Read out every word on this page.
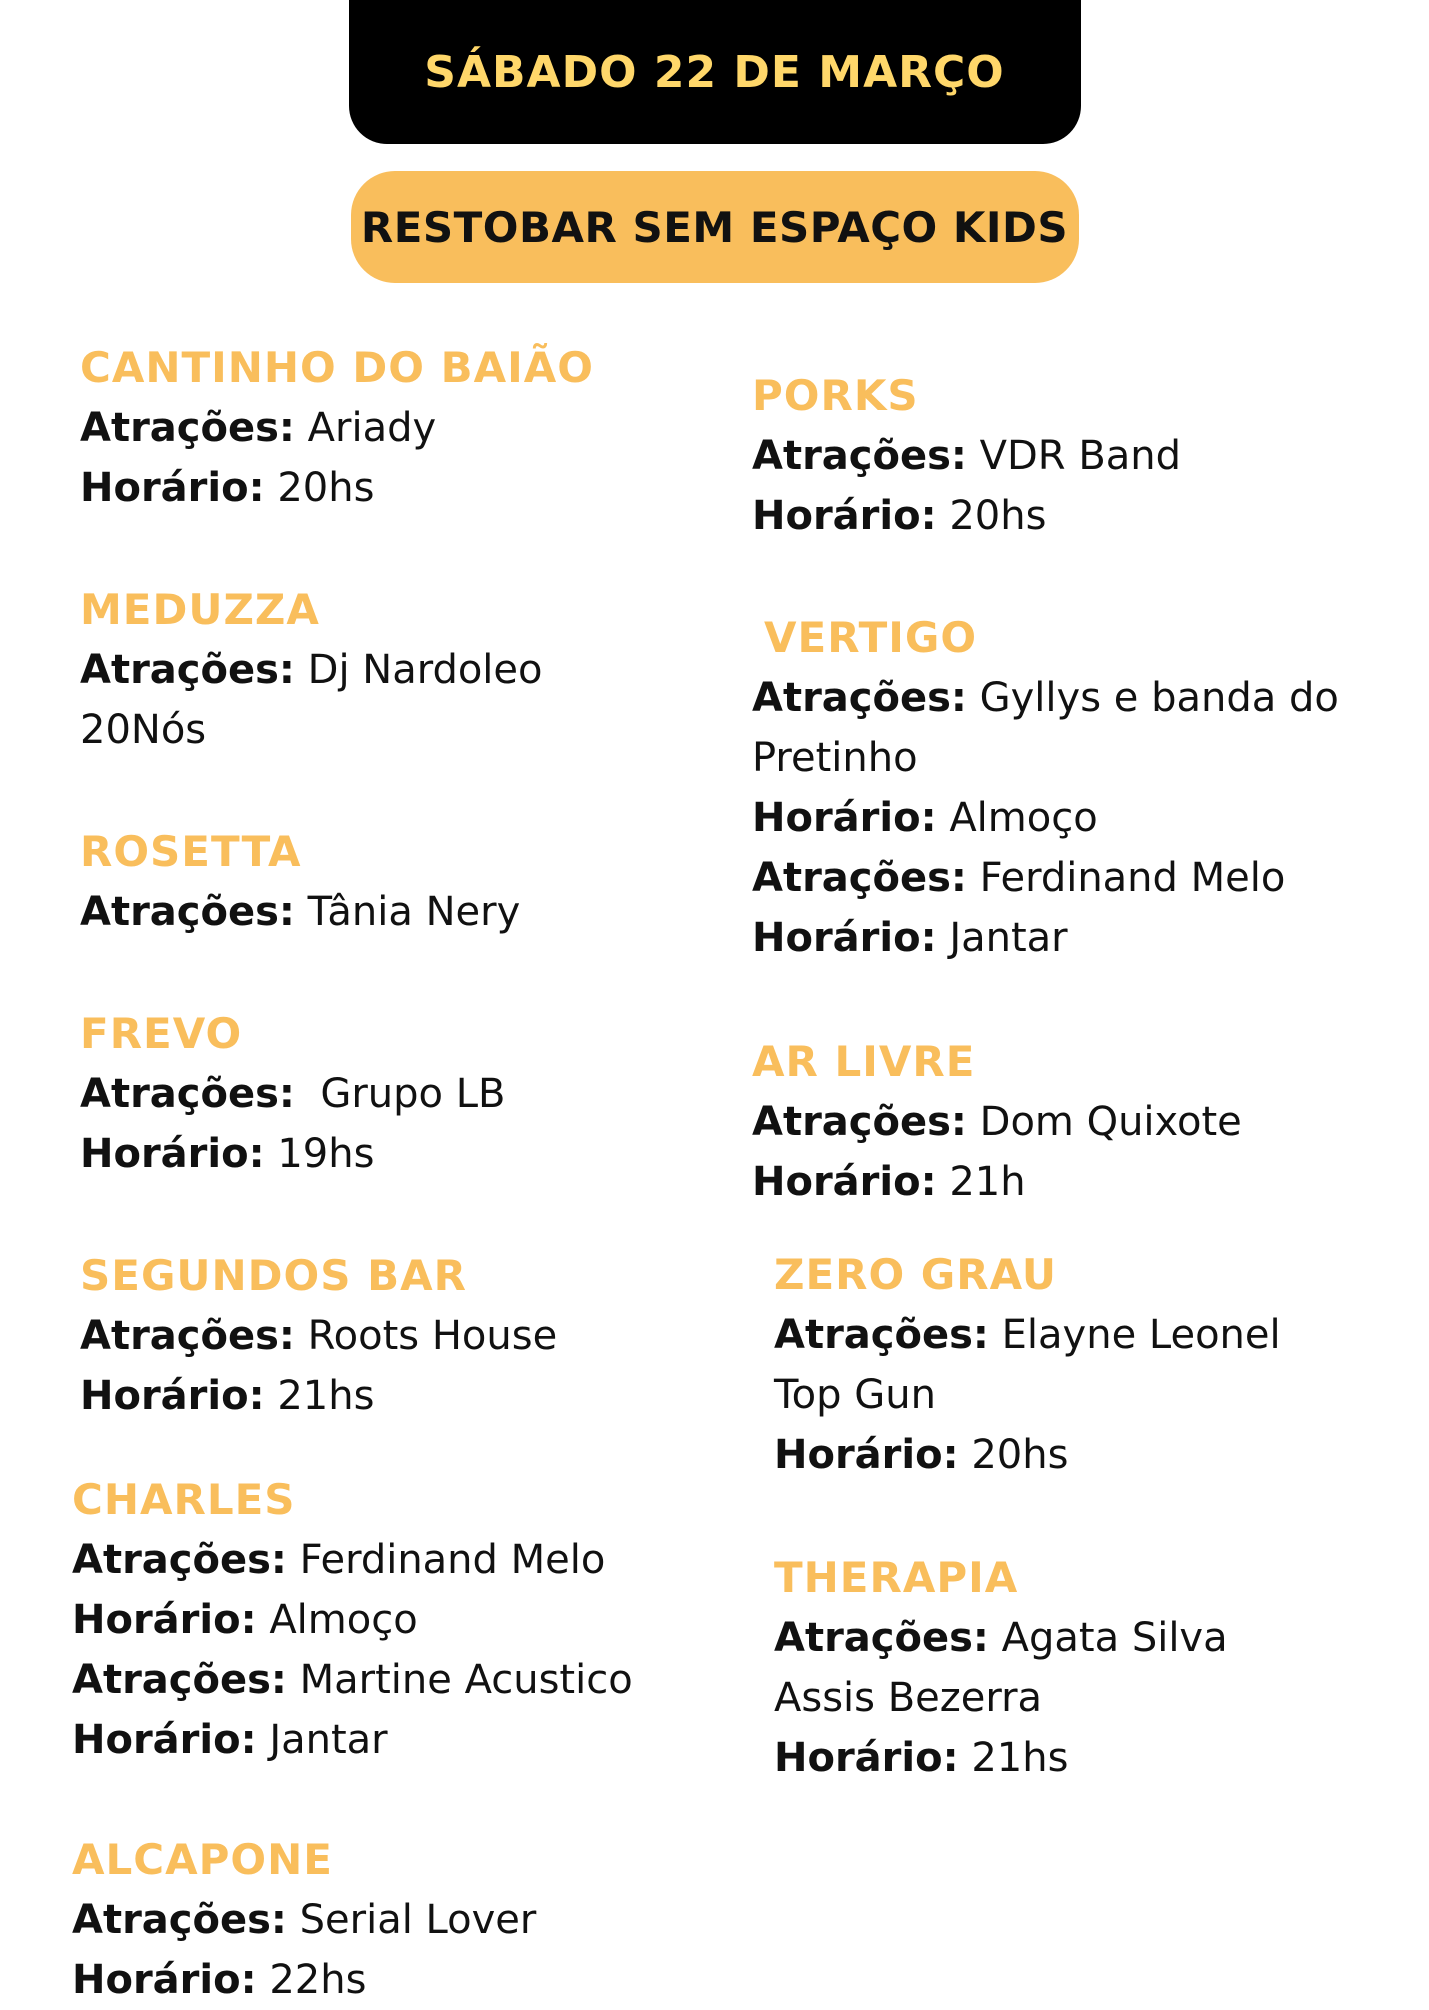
SÁBADO 22 DE MARÇO
RESTOBAR SEM ESPAÇO KIDS
CANTINHO DO BAIÃO
Atrações: Ariady
Horário: 20hs
MEDUZZA
Atrações: Dj Nardoleo
20Nós
ROSETTA
Atrações: Tânia Nery
FREVO
Atrações:  Grupo LB
Horário: 19hs
SEGUNDOS BAR
Atrações: Roots House
Horário: 21hs
CHARLES
Atrações: Ferdinand Melo
Horário: Almoço
Atrações: Martine Acustico
Horário: Jantar
ALCAPONE
Atrações: Serial Lover
Horário: 22hs
PORKS
Atrações: VDR Band
Horário: 20hs
VERTIGO
Atrações: Gyllys e banda do
Pretinho
Horário: Almoço
Atrações: Ferdinand Melo
Horário: Jantar
AR LIVRE
Atrações: Dom Quixote
Horário: 21h
ZERO GRAU
Atrações: Elayne Leonel
Top Gun
Horário: 20hs
THERAPIA
Atrações: Agata Silva
Assis Bezerra
Horário: 21hs
